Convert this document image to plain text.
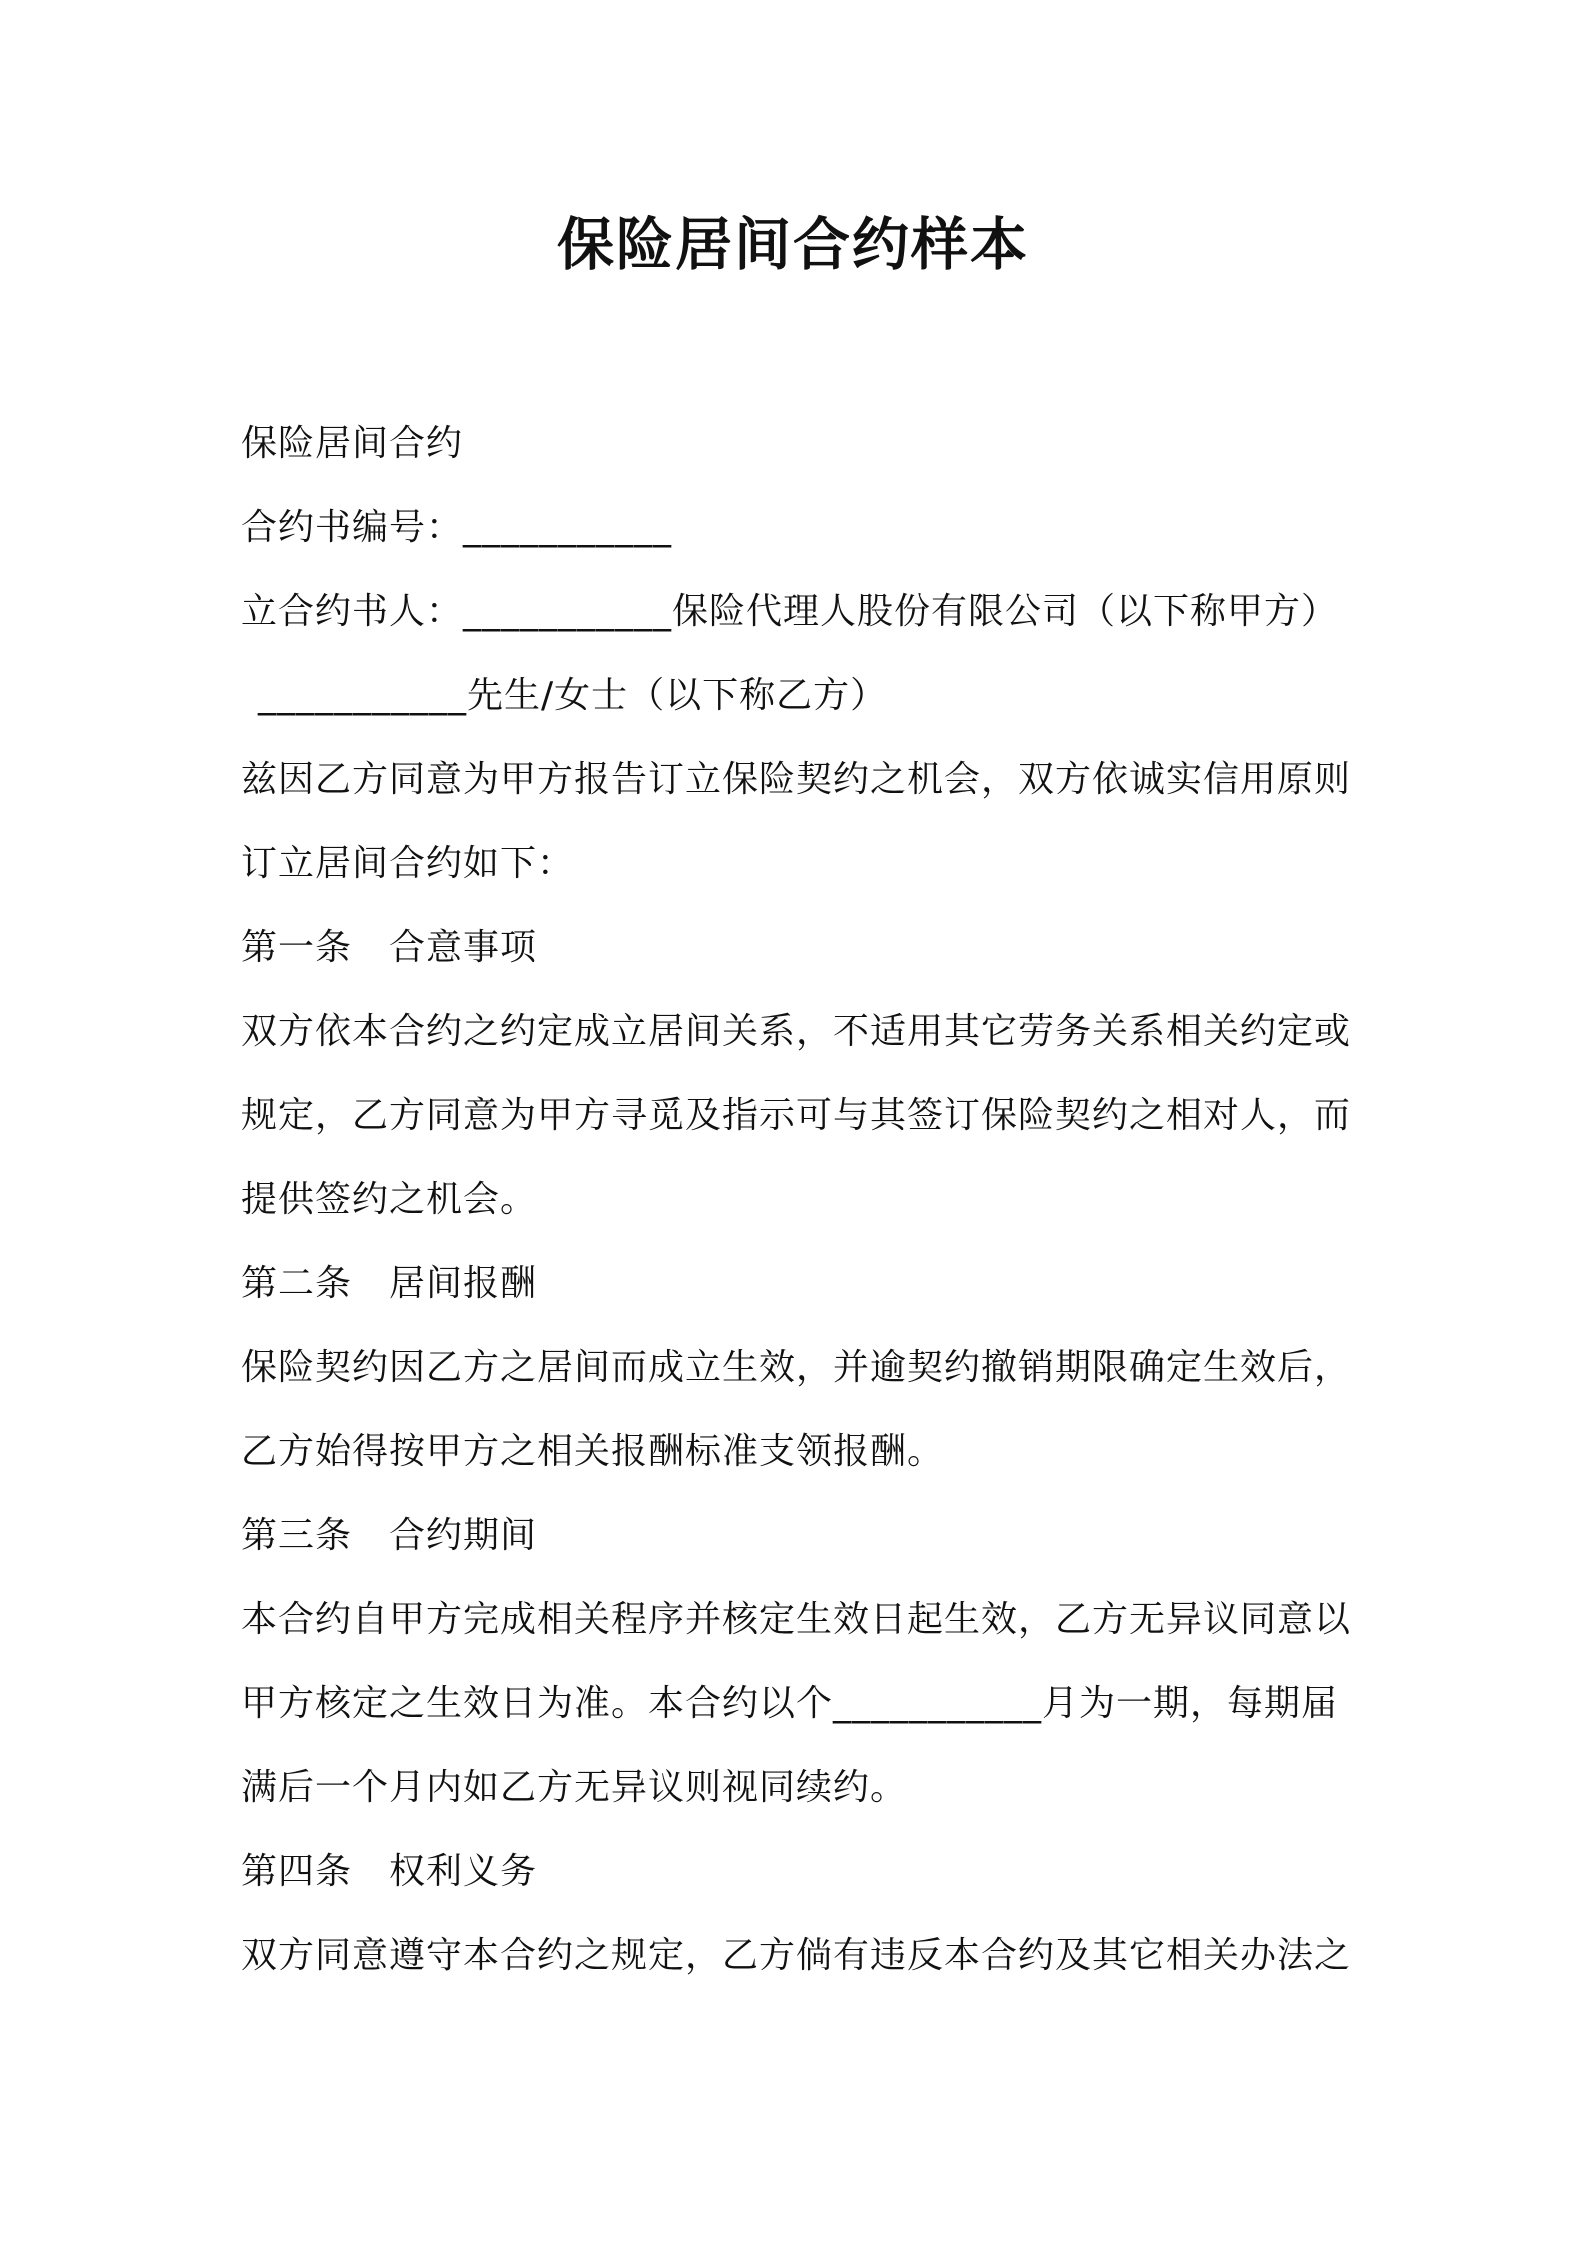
保险居间合约样本
保险居间合约
合约书编号：___________
立合约书人：___________保险代理人股份有限公司（以下称甲方）
___________先生/女士（以下称乙方）
兹因乙方同意为甲方报告订立保险契约之机会，双方依诚实信用原则
订立居间合约如下：
第一条 合意事项
双方依本合约之约定成立居间关系，不适用其它劳务关系相关约定或
规定，乙方同意为甲方寻觅及指示可与其签订保险契约之相对人，而
提供签约之机会。
第二条 居间报酬
保险契约因乙方之居间而成立生效，并逾契约撤销期限确定生效后，
乙方始得按甲方之相关报酬标准支领报酬。
第三条 合约期间
本合约自甲方完成相关程序并核定生效日起生效，乙方无异议同意以
甲方核定之生效日为准。本合约以个___________月为一期，每期届
满后一个月内如乙方无异议则视同续约。
第四条 权利义务
双方同意遵守本合约之规定，乙方倘有违反本合约及其它相关办法之
